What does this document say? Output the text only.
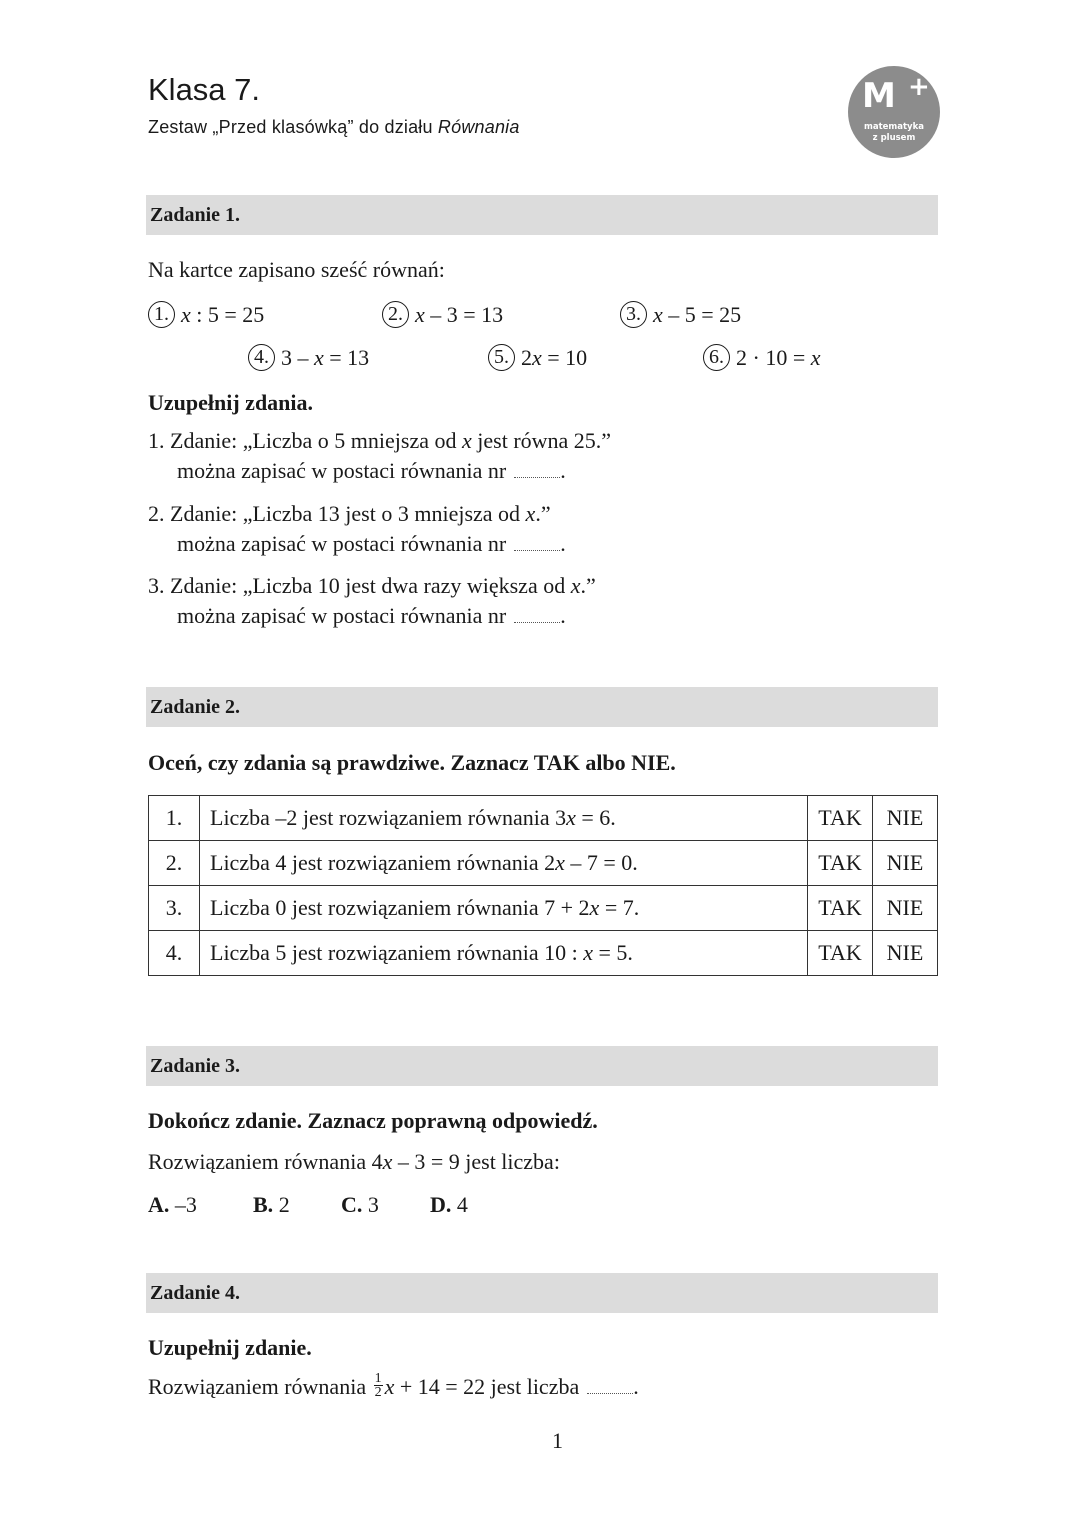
Klasa 7.
Zestaw „Przed klasówką” do działu Równania
M +
matematyka
z plusem
Zadanie 1.
Na kartce zapisano sześć równań:
1. x : 5 = 25	2. x – 3 = 13	3. x – 5 = 25
4. 3 – x = 13	5. 2x = 10	6. 2 · 10 = x
Uzupełnij zdania.
1. Zdanie: „Liczba o 5 mniejsza od x jest równa 25.”
można zapisać w postaci równania nr .
2. Zdanie: „Liczba 13 jest o 3 mniejsza od x.”
można zapisać w postaci równania nr .
3. Zdanie: „Liczba 10 jest dwa razy większa od x.”
można zapisać w postaci równania nr .
Zadanie 2.
Oceń, czy zdania są prawdziwe. Zaznacz TAK albo NIE.
1.	Liczba –2 jest rozwiązaniem równania 3x = 6.	TAK	NIE
2.	Liczba 4 jest rozwiązaniem równania 2x – 7 = 0.	TAK	NIE
3.	Liczba 0 jest rozwiązaniem równania 7 + 2x = 7.	TAK	NIE
4.	Liczba 5 jest rozwiązaniem równania 10 : x = 5.	TAK	NIE
Zadanie 3.
Dokończ zdanie. Zaznacz poprawną odpowiedź.
Rozwiązaniem równania 4x – 3 = 9 jest liczba:
A. –3	B. 2 C. 3 D. 4
Zadanie 4.
Uzupełnij zdanie.
Rozwiązaniem równania $\frac{1}{2}$ x + 14 = 22 jest liczba .
1
